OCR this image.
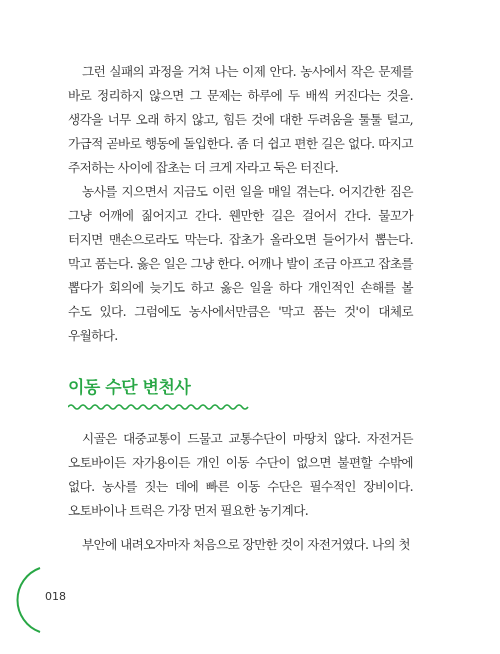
그런 실패의 과정을 거쳐 나는 이제 안다. 농사에서 작은 문제를 바로 정리하지 않으면 그 문제는 하루에 두 배씩 커진다는 것을. 생각을 너무 오래 하지 않고, 힘든 것에 대한 두려움을 툴툴 털고, 가급적 곧바로 행동에 돌입한다. 좀 더 쉽고 편한 길은 없다. 따지고 주저하는 사이에 잡초는 더 크게 자라고 둑은 터진다.

농사를 지으면서 지금도 이런 일을 매일 겪는다. 어지간한 짐은 그냥 어깨에 짊어지고 간다. 웬만한 길은 걸어서 간다. 물꼬가 터지면 맨손으로라도 막는다. 잡초가 올라오면 들어가서 뽑는다. 막고 품는다. 옳은 일은 그냥 한다. 어깨나 발이 조금 아프고 잡초를 뽑다가 회의에 늦기도 하고 옳은 일을 하다 개인적인 손해를 볼 수도 있다. 그럼에도 농사에서만큼은 '막고 품는 것'이 대체로 우월하다.

이동 수단 변천사

시골은 대중교통이 드물고 교통수단이 마땅치 않다. 자전거든 오토바이든 자가용이든 개인 이동 수단이 없으면 불편할 수밖에 없다. 농사를 짓는 데에 빠른 이동 수단은 필수적인 장비이다. 오토바이나 트럭은 가장 먼저 필요한 농기계다.

부안에 내려오자마자 처음으로 장만한 것이 자전거였다. 나의 첫

018
